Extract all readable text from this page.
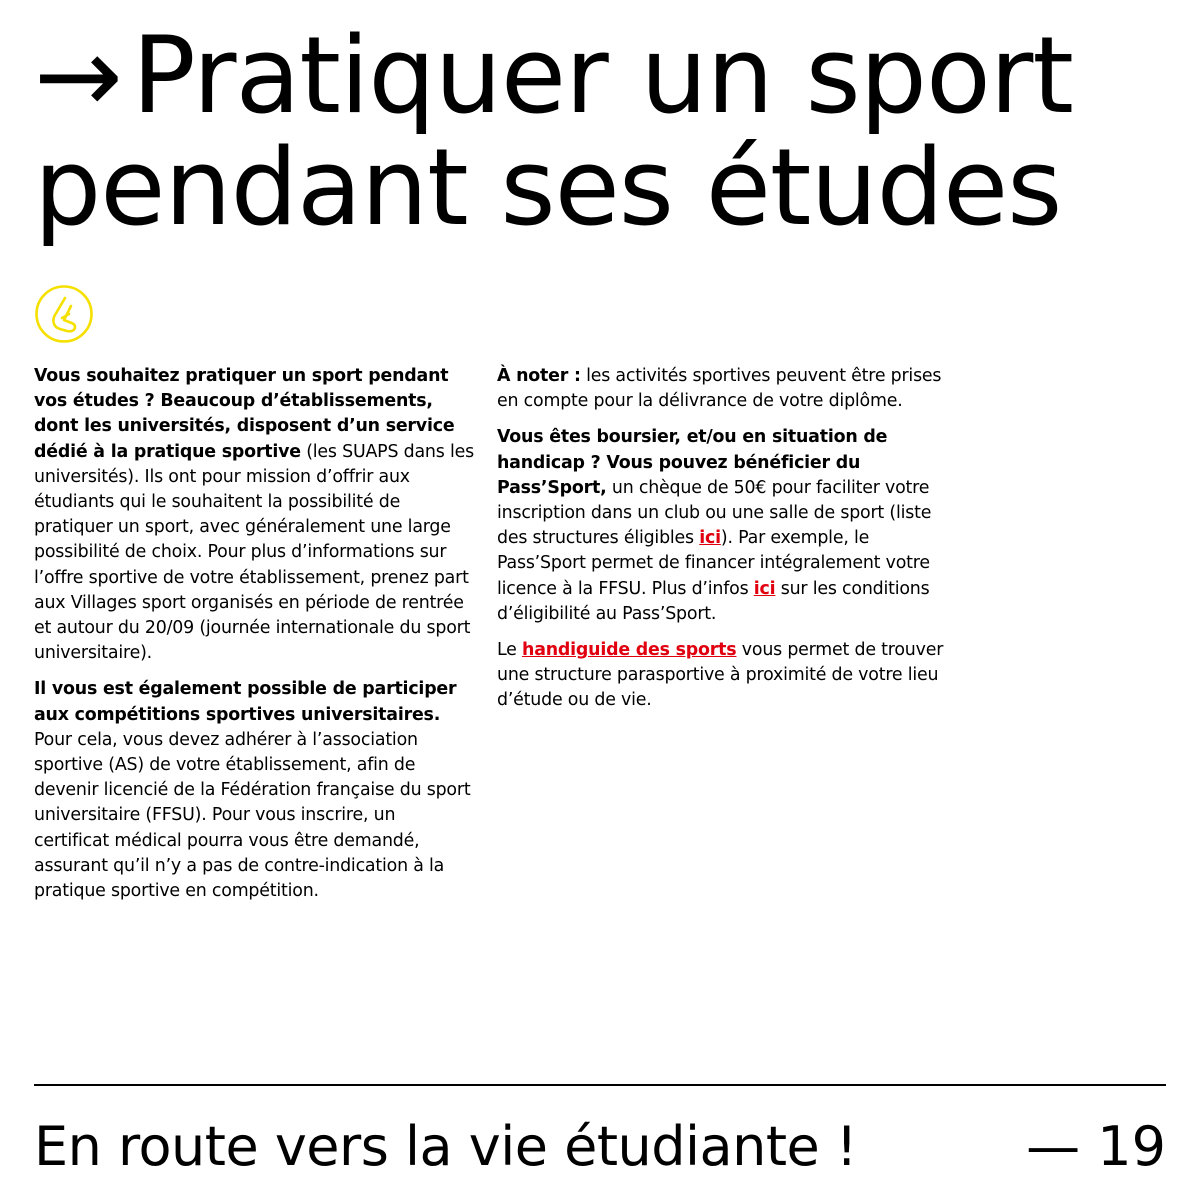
→Pratiquer un sport pendant ses études

Vous souhaitez pratiquer un sport pendant vos études ? Beaucoup d’établissements, dont les universités, disposent d’un service dédié à la pratique sportive (les SUAPS dans les universités). Ils ont pour mission d’offrir aux étudiants qui le souhaitent la possibilité de pratiquer un sport, avec généralement une large possibilité de choix. Pour plus d’informations sur l’offre sportive de votre établissement, prenez part aux Villages sport organisés en période de rentrée et autour du 20/09 (journée internationale du sport universitaire).

Il vous est également possible de participer aux compétitions sportives universitaires. Pour cela, vous devez adhérer à l’association sportive (AS) de votre établissement, afin de devenir licencié de la Fédération française du sport universitaire (FFSU). Pour vous inscrire, un certificat médical pourra vous être demandé, assurant qu’il n’y a pas de contre-indication à la pratique sportive en compétition.

À noter : les activités sportives peuvent être prises en compte pour la délivrance de votre diplôme.

Vous êtes boursier, et/ou en situation de handicap ? Vous pouvez bénéficier du Pass’Sport, un chèque de 50€ pour faciliter votre inscription dans un club ou une salle de sport (liste des structures éligibles ici). Par exemple, le Pass’Sport permet de financer intégralement votre licence à la FFSU. Plus d’infos ici sur les conditions d’éligibilité au Pass’Sport.

Le handiguide des sports vous permet de trouver une structure parasportive à proximité de votre lieu d’étude ou de vie.

En route vers la vie étudiante !	— 19
